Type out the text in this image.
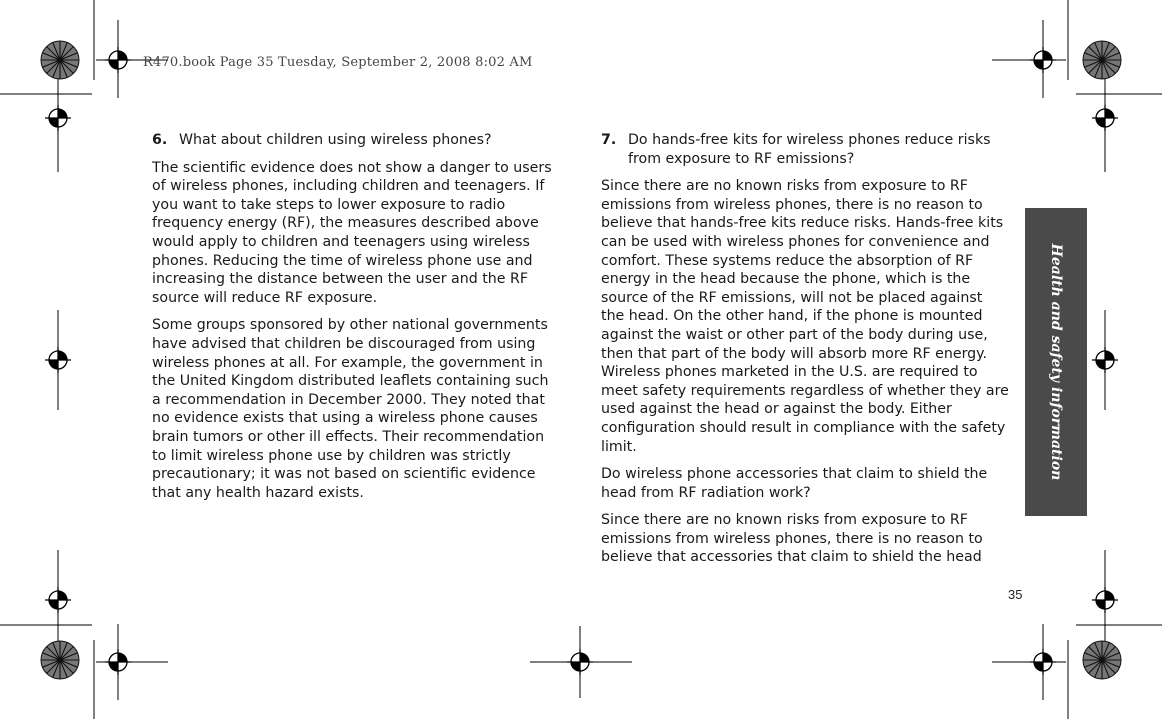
R470.book Page 35 Tuesday, September 2, 2008 8:02 AM
6. What about children using wireless phones?

The scientific evidence does not show a danger to users of wireless phones, including children and teenagers. If you want to take steps to lower exposure to radio frequency energy (RF), the measures described above would apply to children and teenagers using wireless phones. Reducing the time of wireless phone use and increasing the distance between the user and the RF source will reduce RF exposure.

Some groups sponsored by other national governments have advised that children be discouraged from using wireless phones at all. For example, the government in the United Kingdom distributed leaflets containing such a recommendation in December 2000. They noted that no evidence exists that using a wireless phone causes brain tumors or other ill effects. Their recommendation to limit wireless phone use by children was strictly precautionary; it was not based on scientific evidence that any health hazard exists.

7. Do hands-free kits for wireless phones reduce risks from exposure to RF emissions?

Since there are no known risks from exposure to RF emissions from wireless phones, there is no reason to believe that hands-free kits reduce risks. Hands-free kits can be used with wireless phones for convenience and comfort. These systems reduce the absorption of RF energy in the head because the phone, which is the source of the RF emissions, will not be placed against the head. On the other hand, if the phone is mounted against the waist or other part of the body during use, then that part of the body will absorb more RF energy. Wireless phones marketed in the U.S. are required to meet safety requirements regardless of whether they are used against the head or against the body. Either configuration should result in compliance with the safety limit.

Do wireless phone accessories that claim to shield the head from RF radiation work?

Since there are no known risks from exposure to RF emissions from wireless phones, there is no reason to believe that accessories that claim to shield the head

Health and safety information
35
